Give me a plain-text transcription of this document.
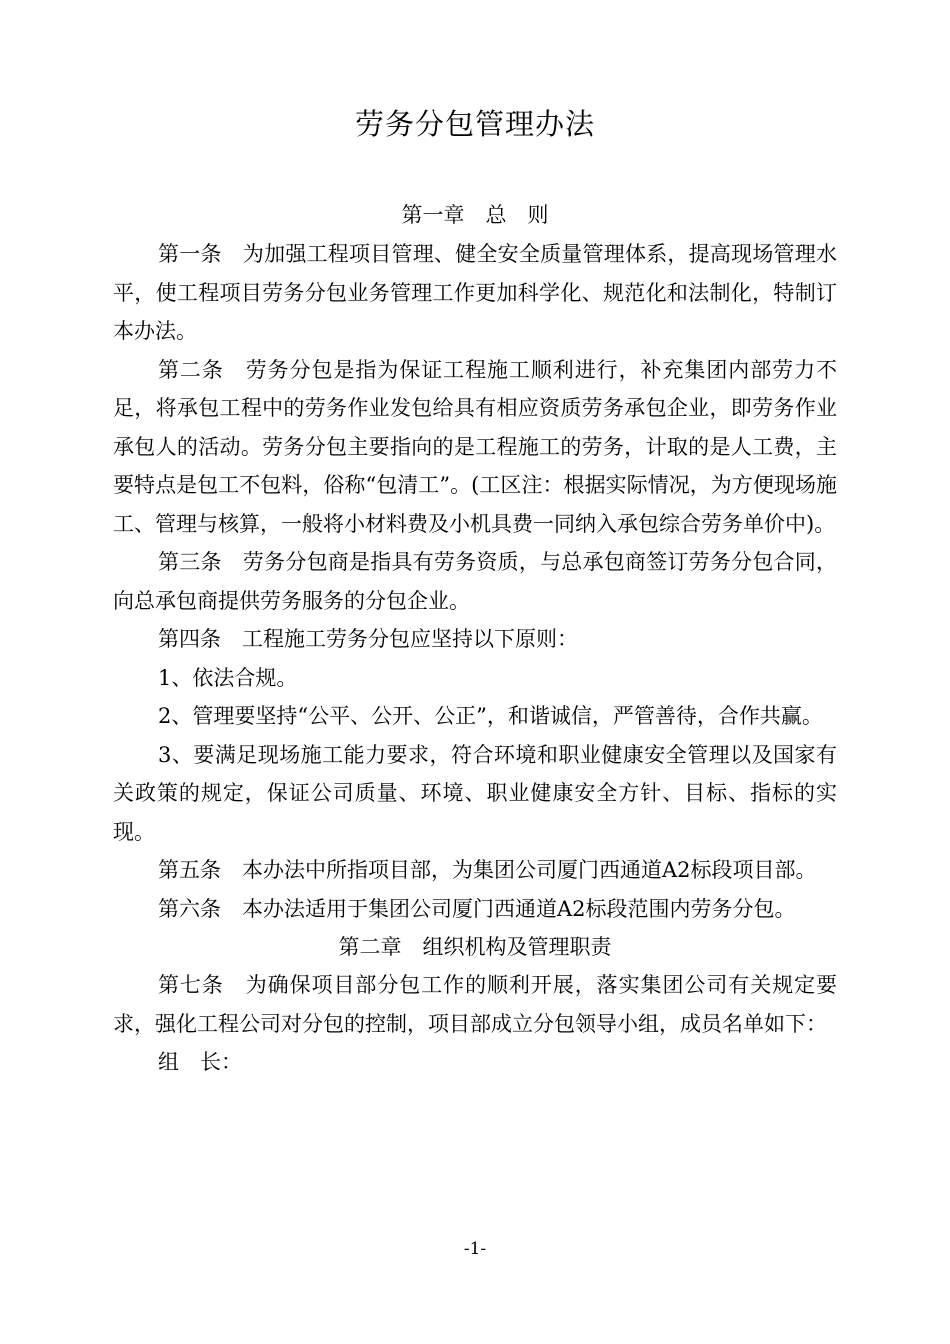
劳务分包管理办法
第一章　总　则

第一条　为加强工程项目管理、健全安全质量管理体系，提高现场管理水平，使工程项目劳务分包业务管理工作更加科学化、规范化和法制化，特制订本办法。

第二条　劳务分包是指为保证工程施工顺利进行，补充集团内部劳力不足，将承包工程中的劳务作业发包给具有相应资质劳务承包企业，即劳务作业承包人的活动。劳务分包主要指向的是工程施工的劳务，计取的是人工费，主要特点是包工不包料，俗称“包清工”。(工区注：根据实际情况，为方便现场施工、管理与核算，一般将小材料费及小机具费一同纳入承包综合劳务单价中)。

第三条　劳务分包商是指具有劳务资质，与总承包商签订劳务分包合同，向总承包商提供劳务服务的分包企业。

第四条　工程施工劳务分包应坚持以下原则：

1、依法合规。

2、管理要坚持“公平、公开、公正”，和谐诚信，严管善待，合作共赢。

3、要满足现场施工能力要求，符合环境和职业健康安全管理以及国家有关政策的规定，保证公司质量、环境、职业健康安全方针、目标、指标的实现。

第五条　本办法中所指项目部，为集团公司厦门西通道A2标段项目部。

第六条　本办法适用于集团公司厦门西通道A2标段范围内劳务分包。

第二章　组织机构及管理职责

第七条　为确保项目部分包工作的顺利开展，落实集团公司有关规定要求，强化工程公司对分包的控制，项目部成立分包领导小组，成员名单如下：

组　长：

-1-
